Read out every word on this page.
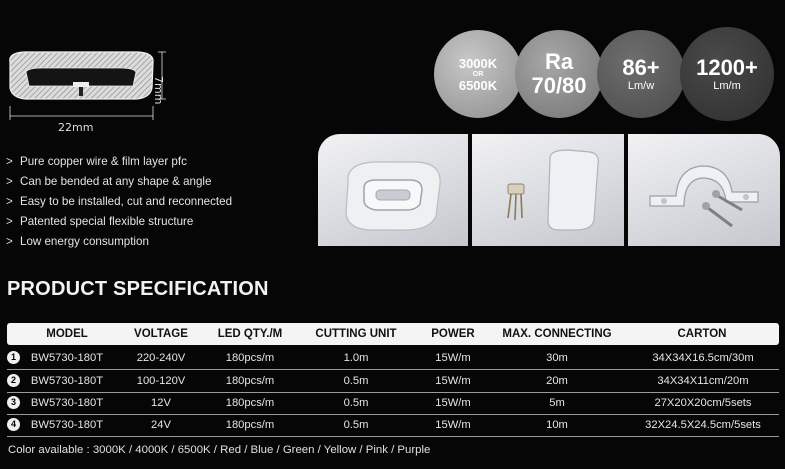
7mm
22mm
3000K
OR
6500K
Ra
70/80
86+
Lm/w
1200+
Lm/m
> Pure copper wire & film layer pfc
> Can be bended at any shape & angle
> Easy to be installed, cut and reconnected
> Patented special flexible structure
> Low energy consumption
PRODUCT SPECIFICATION
MODEL	VOLTAGE	LED QTY./M	CUTTING UNIT	POWER	MAX. CONNECTING	CARTON
1	BW5730-180T	220-240V	180pcs/m	1.0m	15W/m	30m	34X34X16.5cm/30m
2	BW5730-180T	100-120V	180pcs/m	0.5m	15W/m	20m	34X34X11cm/20m
3	BW5730-180T	12V	180pcs/m	0.5m	15W/m	5m	27X20X20cm/5sets
4	BW5730-180T	24V	180pcs/m	0.5m	15W/m	10m	32X24.5X24.5cm/5sets
Color available : 3000K / 4000K / 6500K / Red / Blue / Green / Yellow / Pink / Purple
